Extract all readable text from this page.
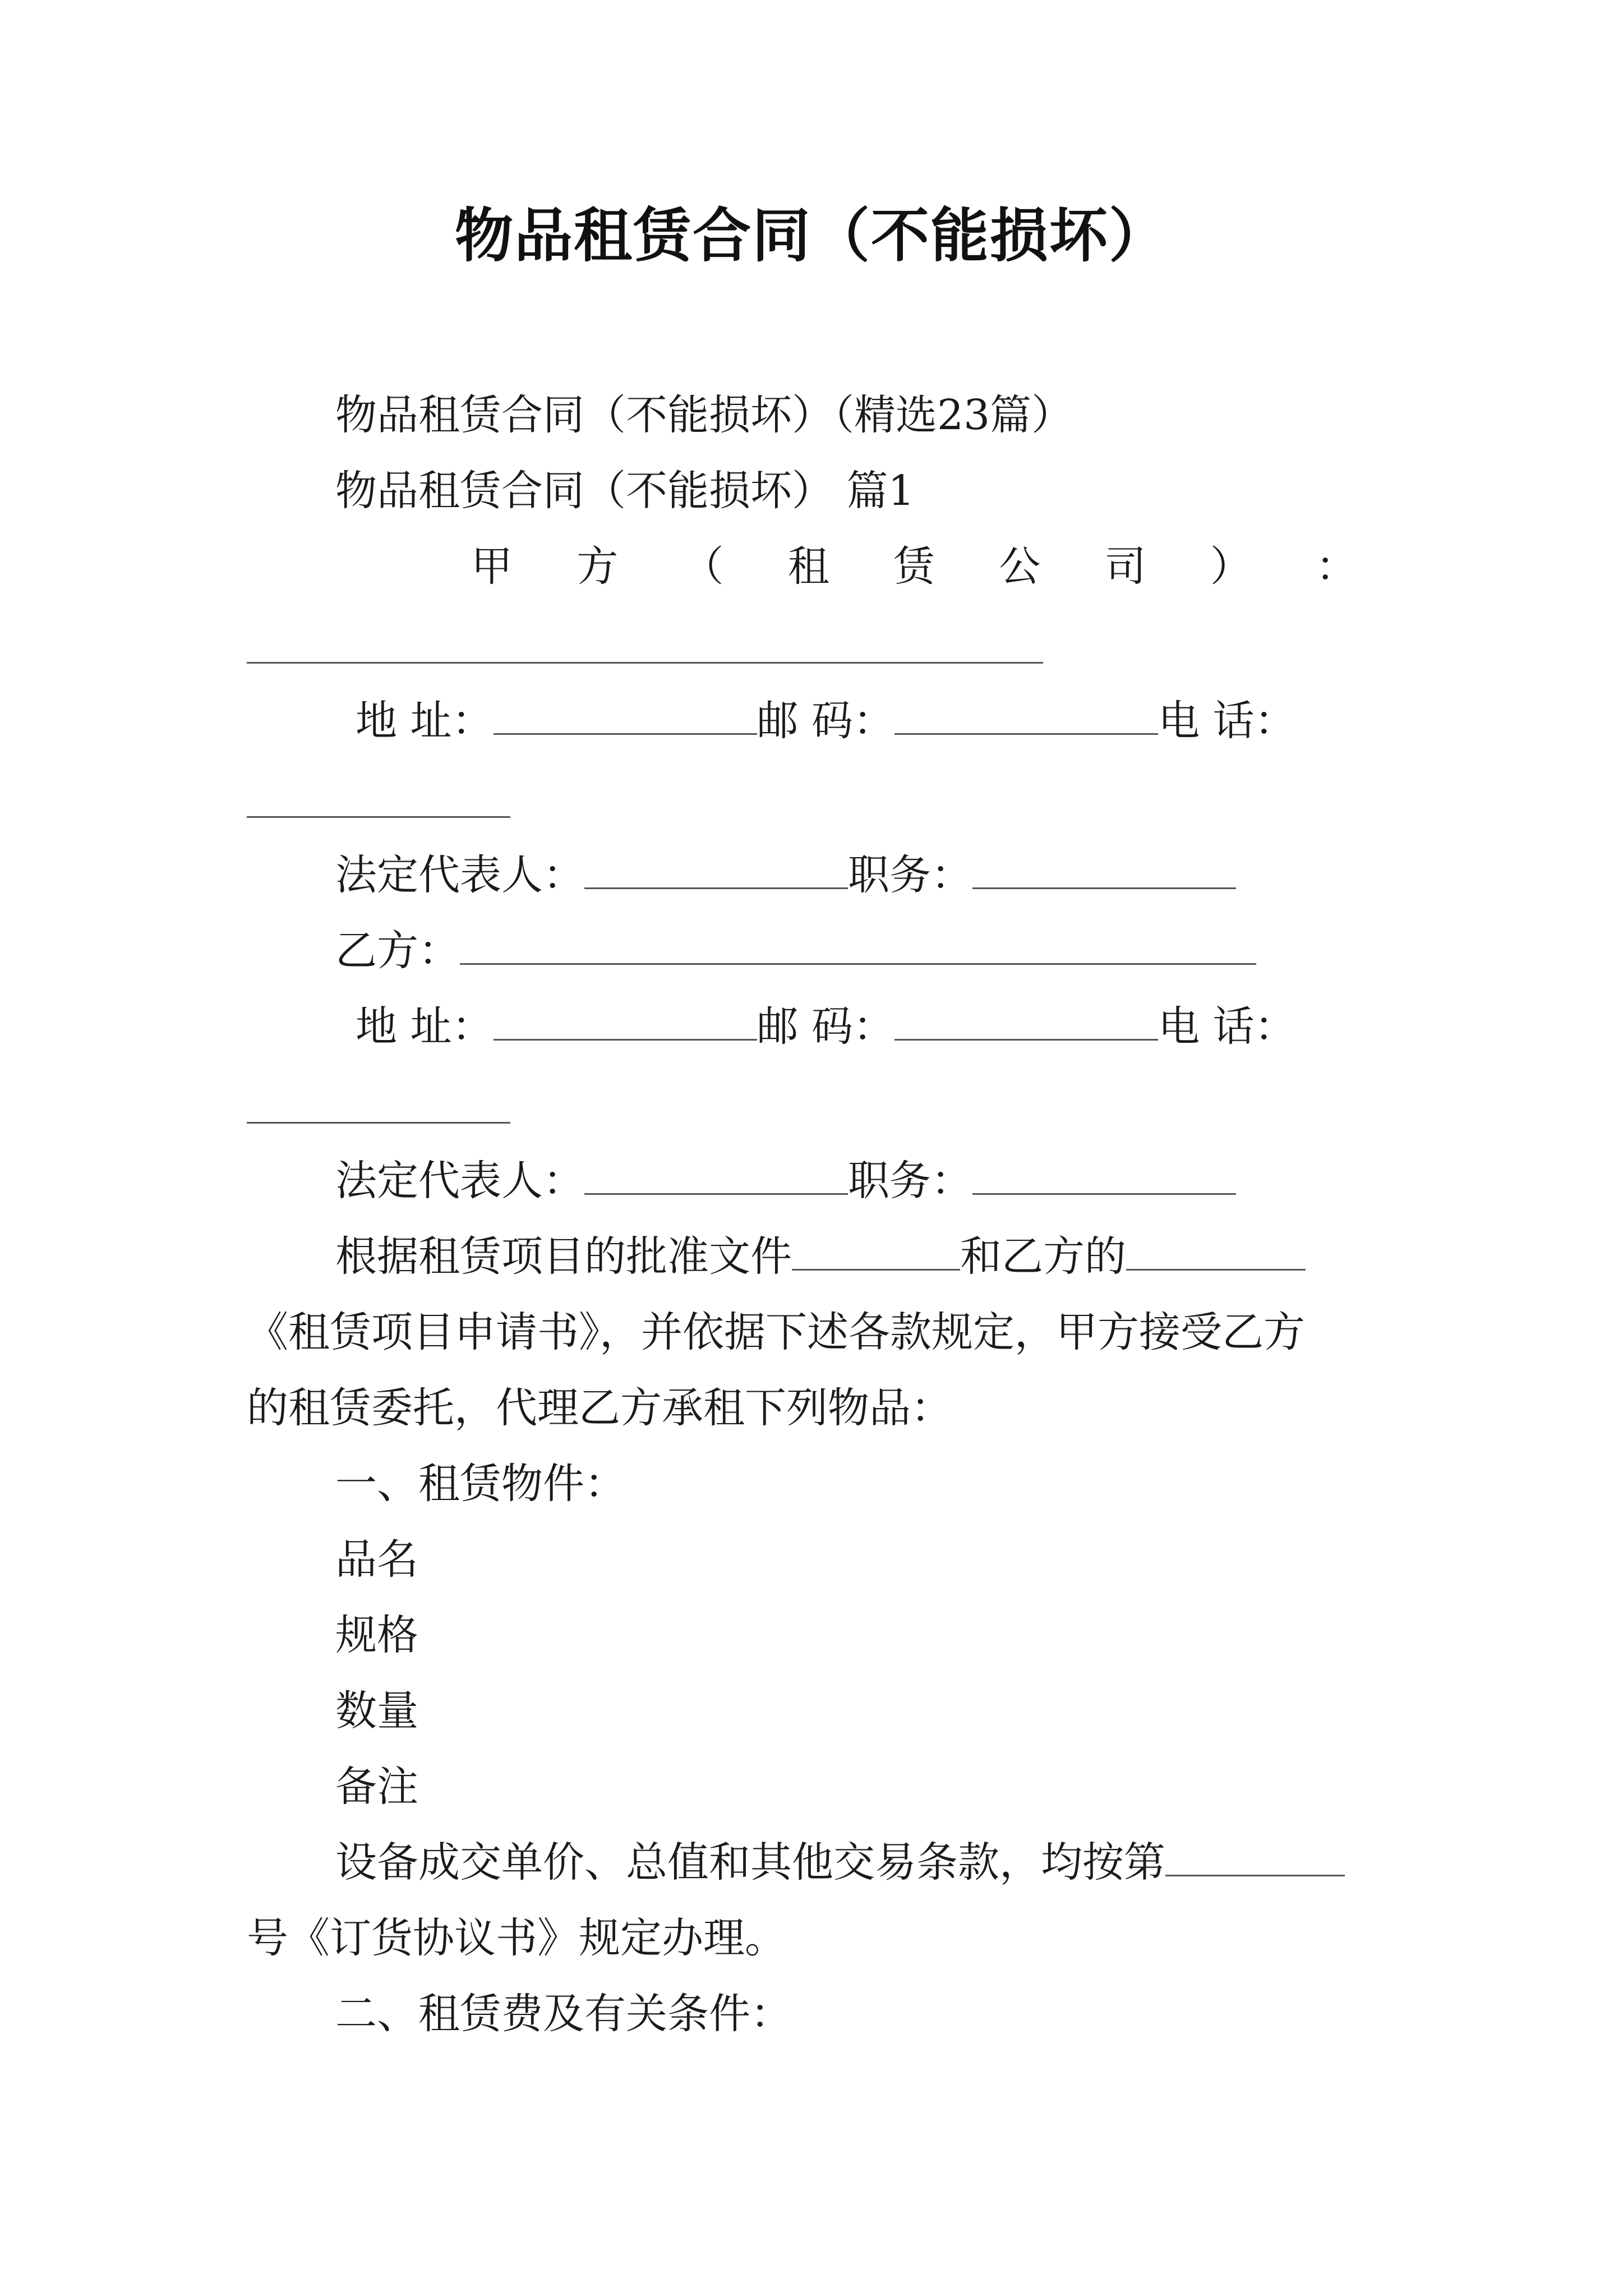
物品租赁合同（不能损坏）
物品租赁合同（不能损坏）（精选23篇）
物品租赁合同（不能损坏） 篇1
甲 方 （ 租 赁 公 司 ） ：
地 址：	邮 码：	电 话：
法定代表人：	职务：
乙方：
地 址：	邮 码：	电 话：
法定代表人：	职务：
根据租赁项目的批准文件	和乙方的
《租赁项目申请书》，并依据下述各款规定，甲方接受乙方
的租赁委托，代理乙方承租下列物品：
一、租赁物件：
品名
规格
数量
备注
设备成交单价、总值和其他交易条款，均按第
号《订货协议书》规定办理。
二、租赁费及有关条件：
